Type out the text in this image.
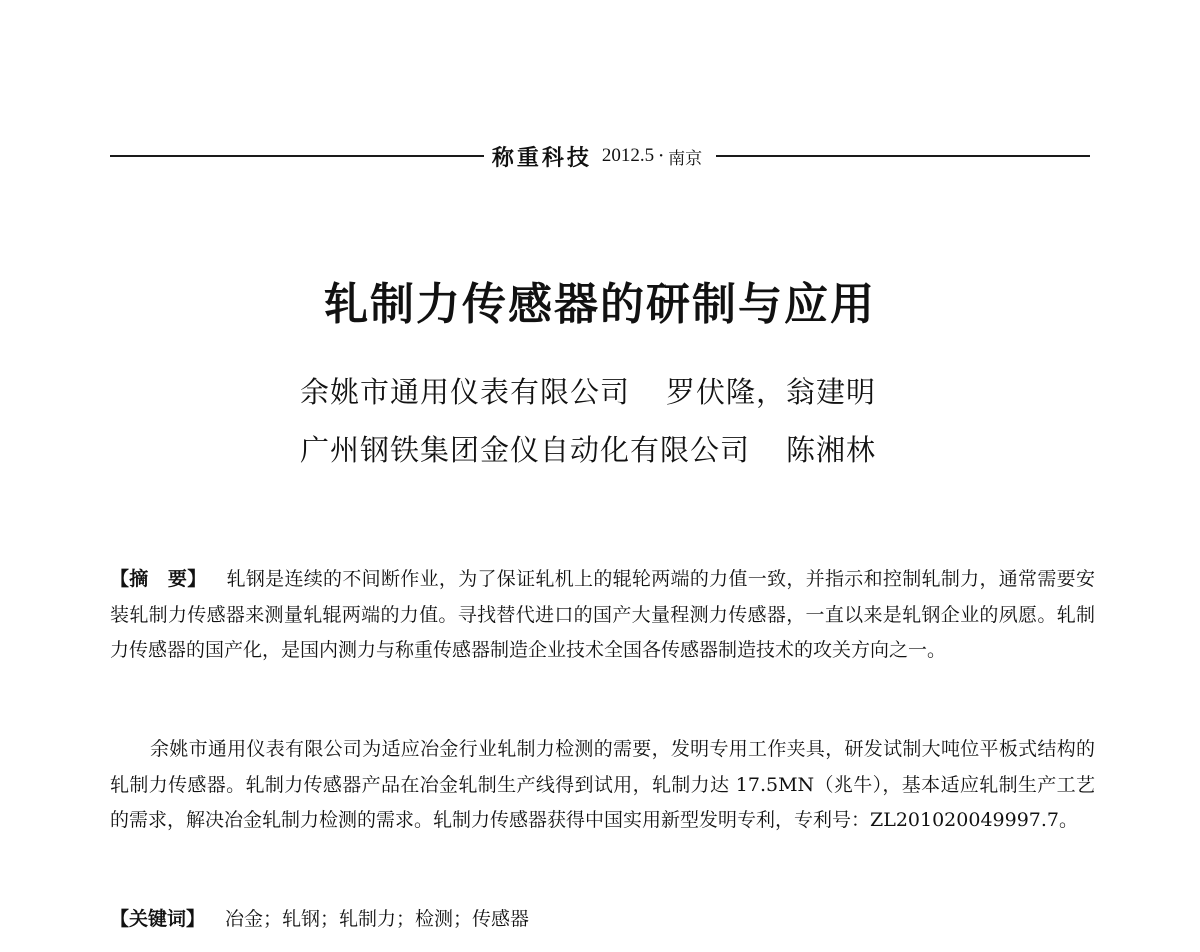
称重科技 2012.5 · 南京
轧制力传感器的研制与应用
余姚市通用仪表有限公司 罗伏隆，翁建明
广州钢铁集团金仪自动化有限公司 陈湘林
【摘　要】 轧钢是连续的不间断作业，为了保证轧机上的辊轮两端的力值一致，并指示和控制轧制力，通常需要安装轧制力传感器来测量轧辊两端的力值。寻找替代进口的国产大量程测力传感器，一直以来是轧钢企业的夙愿。轧制力传感器的国产化，是国内测力与称重传感器制造企业技术全国各传感器制造技术的攻关方向之一。
余姚市通用仪表有限公司为适应冶金行业轧制力检测的需要，发明专用工作夹具，研发试制大吨位平板式结构的轧制力传感器。轧制力传感器产品在冶金轧制生产线得到试用，轧制力达 17.5MN（兆牛），基本适应轧制生产工艺的需求，解决冶金轧制力检测的需求。轧制力传感器获得中国实用新型发明专利，专利号：ZL201020049997.7。
【关键词】 冶金；轧钢；轧制力；检测；传感器
